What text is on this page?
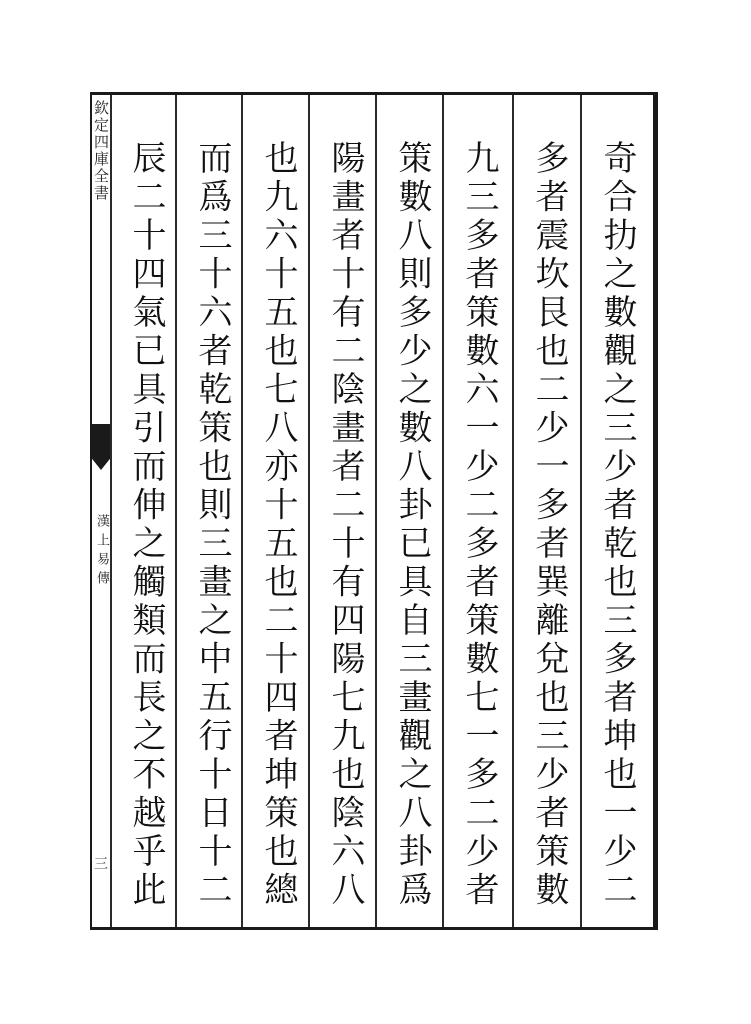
欽定四庫全書
漢上易傳
三	奇合扐之數觀之三少者乾也三多者坤也一少二
多者震坎艮也二少一多者巽離兌也三少者策數
九三多者策數六一少二多者策數七一多二少者
策數八則多少之數八卦已具自三畫觀之八卦爲
陽畫者十有二陰畫者二十有四陽七九也陰六八
也九六十五也七八亦十五也二十四者坤策也總
而爲三十六者乾策也則三畫之中五行十日十二
辰二十四氣已具引而伸之觸類而長之不越乎此
